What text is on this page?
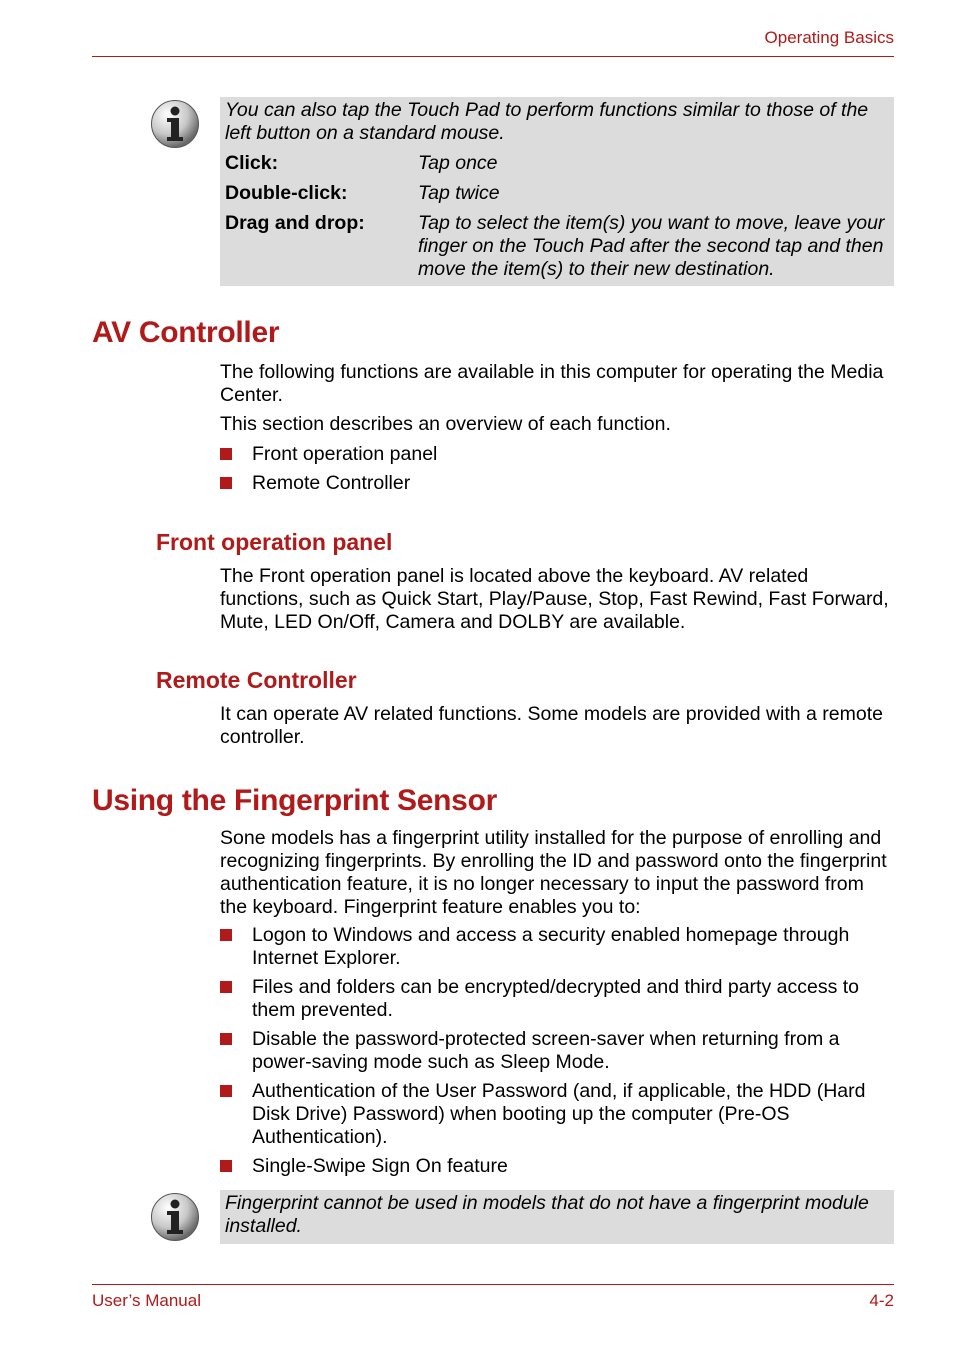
Operating Basics
You can also tap the Touch Pad to perform functions similar to those of the left button on a standard mouse.
Click:	Tap once
Double-click:	Tap twice
Drag and drop:	Tap to select the item(s) you want to move, leave your finger on the Touch Pad after the second tap and then move the item(s) to their new destination.
AV Controller

The following functions are available in this computer for operating the Media Center.

This section describes an overview of each function.

Front operation panel
Remote Controller
Front operation panel

The Front operation panel is located above the keyboard. AV related functions, such as Quick Start, Play/Pause, Stop, Fast Rewind, Fast Forward, Mute, LED On/Off, Camera and DOLBY are available.

Remote Controller

It can operate AV related functions. Some models are provided with a remote controller.

Using the Fingerprint Sensor

Sone models has a fingerprint utility installed for the purpose of enrolling and recognizing fingerprints. By enrolling the ID and password onto the fingerprint authentication feature, it is no longer necessary to input the password from the keyboard. Fingerprint feature enables you to:

Logon to Windows and access a security enabled homepage through Internet Explorer.
Files and folders can be encrypted/decrypted and third party access to them prevented.
Disable the password-protected screen-saver when returning from a power-saving mode such as Sleep Mode.
Authentication of the User Password (and, if applicable, the HDD (Hard Disk Drive) Password) when booting up the computer (Pre-OS Authentication).
Single-Swipe Sign On feature
Fingerprint cannot be used in models that do not have a fingerprint module installed.
User’s Manual	4-2
